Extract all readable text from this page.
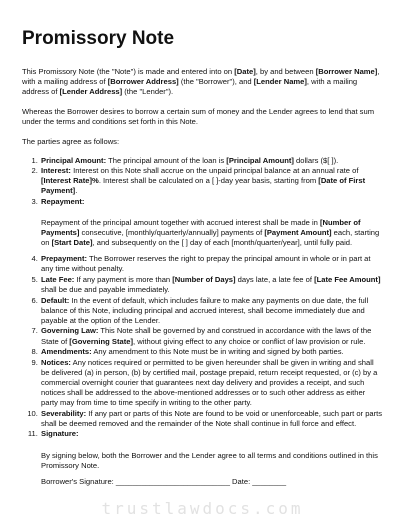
Promissory Note

This Promissory Note (the "Note") is made and entered into on [Date], by and between [Borrower Name], with a mailing address of [Borrower Address] (the "Borrower"), and [Lender Name], with a mailing address of [Lender Address] (the "Lender").

Whereas the Borrower desires to borrow a certain sum of money and the Lender agrees to lend that sum under the terms and conditions set forth in this Note.

The parties agree as follows:

1. Principal Amount: The principal amount of the loan is [Principal Amount] dollars ($[ ]).
2. Interest: Interest on this Note shall accrue on the unpaid principal balance at an annual rate of [Interest Rate]%. Interest shall be calculated on a [ ]-day year basis, starting from [Date of First Payment].
3. Repayment:

Repayment of the principal amount together with accrued interest shall be made in [Number of Payments] consecutive, [monthly/quarterly/annually] payments of [Payment Amount] each, starting on [Start Date], and subsequently on the [ ] day of each [month/quarter/year], until fully paid.

4. Prepayment: The Borrower reserves the right to prepay the principal amount in whole or in part at any time without penalty.
5. Late Fee: If any payment is more than [Number of Days] days late, a late fee of [Late Fee Amount] shall be due and payable immediately.
6. Default: In the event of default, which includes failure to make any payments on due date, the full balance of this Note, including principal and accrued interest, shall become immediately due and payable at the option of the Lender.
7. Governing Law: This Note shall be governed by and construed in accordance with the laws of the State of [Governing State], without giving effect to any choice or conflict of law provision or rule.
8. Amendments: Any amendment to this Note must be in writing and signed by both parties.
9. Notices: Any notices required or permitted to be given hereunder shall be given in writing and shall be delivered (a) in person, (b) by certified mail, postage prepaid, return receipt requested, or (c) by a commercial overnight courier that guarantees next day delivery and provides a receipt, and such notices shall be addressed to the above-mentioned addresses or to such other address as either party may from time to time specify in writing to the other party.
10. Severability: If any part or parts of this Note are found to be void or unenforceable, such part or parts shall be deemed removed and the remainder of the Note shall continue in full force and effect.
11. Signature:

By signing below, both the Borrower and the Lender agree to all terms and conditions outlined in this Promissory Note.

Borrower's Signature: ___________________________ Date: ________

trustlawdocs.com
